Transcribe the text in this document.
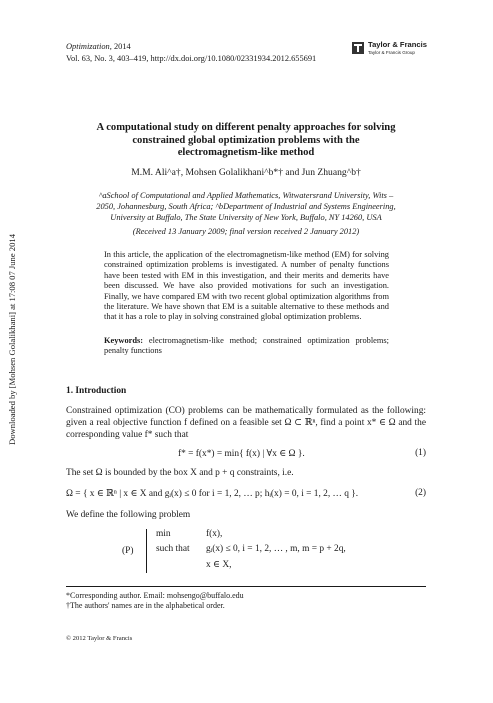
Downloaded by [Mohsen Golalikhani] at 17:08 07 June 2014
Optimization, 2014
Vol. 63, No. 3, 403–419, http://dx.doi.org/10.1080/02331934.2012.655691
Taylor & Francis
Taylor & Francis Group
A computational study on different penalty approaches for solving
constrained global optimization problems with the
electromagnetism-like method
M.M. Ali^a†, Mohsen Golalikhani^b*† and Jun Zhuang^b†
^aSchool of Computational and Applied Mathematics, Witwatersrand University, Wits –
2050, Johannesburg, South Africa; ^bDepartment of Industrial and Systems Engineering,
University at Buffalo, The State University of New York, Buffalo, NY 14260, USA
(Received 13 January 2009; final version received 2 January 2012)
In this article, the application of the electromagnetism-like method (EM) for solving constrained optimization problems is investigated. A number of penalty functions have been tested with EM in this investigation, and their merits and demerits have been discussed. We have also provided motivations for such an investigation. Finally, we have compared EM with two recent global optimization algorithms from the literature. We have shown that EM is a suitable alternative to these methods and that it has a role to play in solving constrained global optimization problems.
Keywords: electromagnetism-like method; constrained optimization problems; penalty functions
1. Introduction
Constrained optimization (CO) problems can be mathematically formulated as the following: given a real objective function f defined on a feasible set Ω ⊂ ℝⁿ, find a point x* ∈ Ω and the corresponding value f* such that
f* = f(x*) = min{ f(x) | ∀x ∈ Ω }.	(1)
The set Ω is bounded by the box X and p + q constraints, i.e.
Ω = { x ∈ ℝⁿ | x ∈ X and gᵢ(x) ≤ 0 for i = 1, 2, … p; hᵢ(x) = 0, i = 1, 2, … q }.	(2)
We define the following problem
(P)
min	f(x),
such that gᵢ(x) ≤ 0, i = 1, 2, … , m, m = p + 2q,
x ∈ X,
*Corresponding author. Email: mohsengo@buffalo.edu
†The authors' names are in the alphabetical order.
© 2012 Taylor & Francis
